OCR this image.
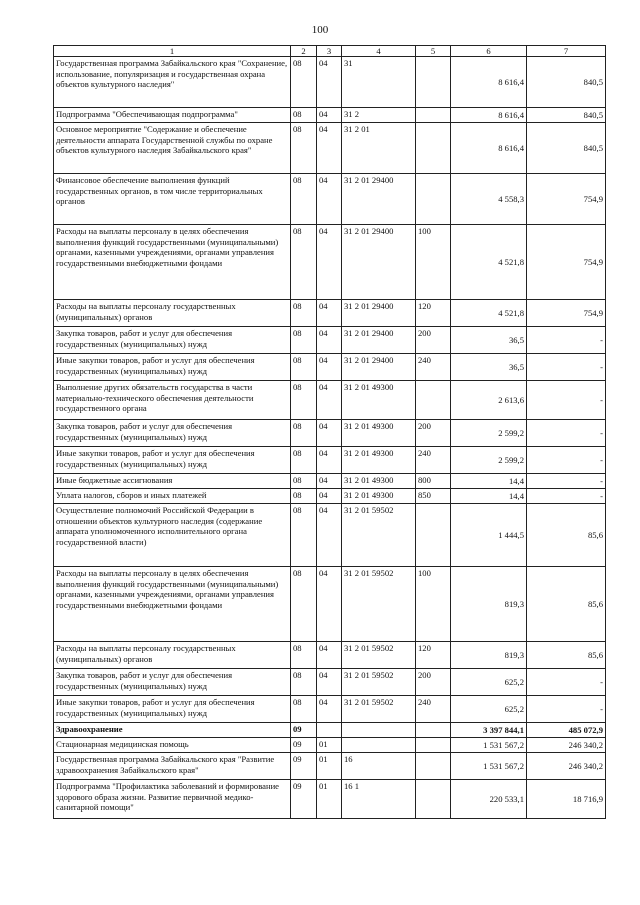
100
1	2	3	4	5	6	7
Государственная программа Забайкальского края "Сохранение, использование, популяризация и государственная охрана объектов культурного наследия"	08	04	31		8 616,4	840,5
Подпрограмма "Обеспечивающая подпрограмма"	08	04	31 2		8 616,4	840,5
Основное мероприятие "Содержание и обеспечение деятельности аппарата Государственной службы по охране объектов культурного наследия Забайкальского края"	08	04	31 2 01		8 616,4	840,5
Финансовое обеспечение выполнения функций государственных органов, в том числе территориальных органов	08	04	31 2 01 29400		4 558,3	754,9
Расходы на выплаты персоналу в целях обеспечения выполнения функций государственными (муниципальными) органами, казенными учреждениями, органами управления государственными внебюджетными фондами	08	04	31 2 01 29400	100	4 521,8	754,9
Расходы на выплаты персоналу государственных (муниципальных) органов	08	04	31 2 01 29400	120	4 521,8	754,9
Закупка товаров, работ и услуг для обеспечения государственных (муниципальных) нужд	08	04	31 2 01 29400	200	36,5	-
Иные закупки товаров, работ и услуг для обеспечения государственных (муниципальных) нужд	08	04	31 2 01 29400	240	36,5	-
Выполнение других обязательств государства в части материально-технического обеспечения деятельности государственного органа	08	04	31 2 01 49300		2 613,6	-
Закупка товаров, работ и услуг для обеспечения государственных (муниципальных) нужд	08	04	31 2 01 49300	200	2 599,2	-
Иные закупки товаров, работ и услуг для обеспечения государственных (муниципальных) нужд	08	04	31 2 01 49300	240	2 599,2	-
Иные бюджетные ассигнования	08	04	31 2 01 49300	800	14,4	-
Уплата налогов, сборов и иных платежей	08	04	31 2 01 49300	850	14,4	-
Осуществление полномочий Российской Федерации в отношении объектов культурного наследия (содержание аппарата уполномоченного исполнительного органа государственной власти)	08	04	31 2 01 59502		1 444,5	85,6
Расходы на выплаты персоналу в целях обеспечения выполнения функций государственными (муниципальными) органами, казенными учреждениями, органами управления государственными внебюджетными фондами	08	04	31 2 01 59502	100	819,3	85,6
Расходы на выплаты персоналу государственных (муниципальных) органов	08	04	31 2 01 59502	120	819,3	85,6
Закупка товаров, работ и услуг для обеспечения государственных (муниципальных) нужд	08	04	31 2 01 59502	200	625,2	-
Иные закупки товаров, работ и услуг для обеспечения государственных (муниципальных) нужд	08	04	31 2 01 59502	240	625,2	-
Здравоохранение	09				3 397 844,1	485 072,9
Стационарная медицинская помощь	09	01			1 531 567,2	246 340,2
Государственная программа Забайкальского края "Развитие здравоохранения Забайкальского края"	09	01	16		1 531 567,2	246 340,2
Подпрограмма "Профилактика заболеваний и формирование здорового образа жизни. Развитие первичной медико-санитарной помощи"	09	01	16 1		220 533,1	18 716,9
